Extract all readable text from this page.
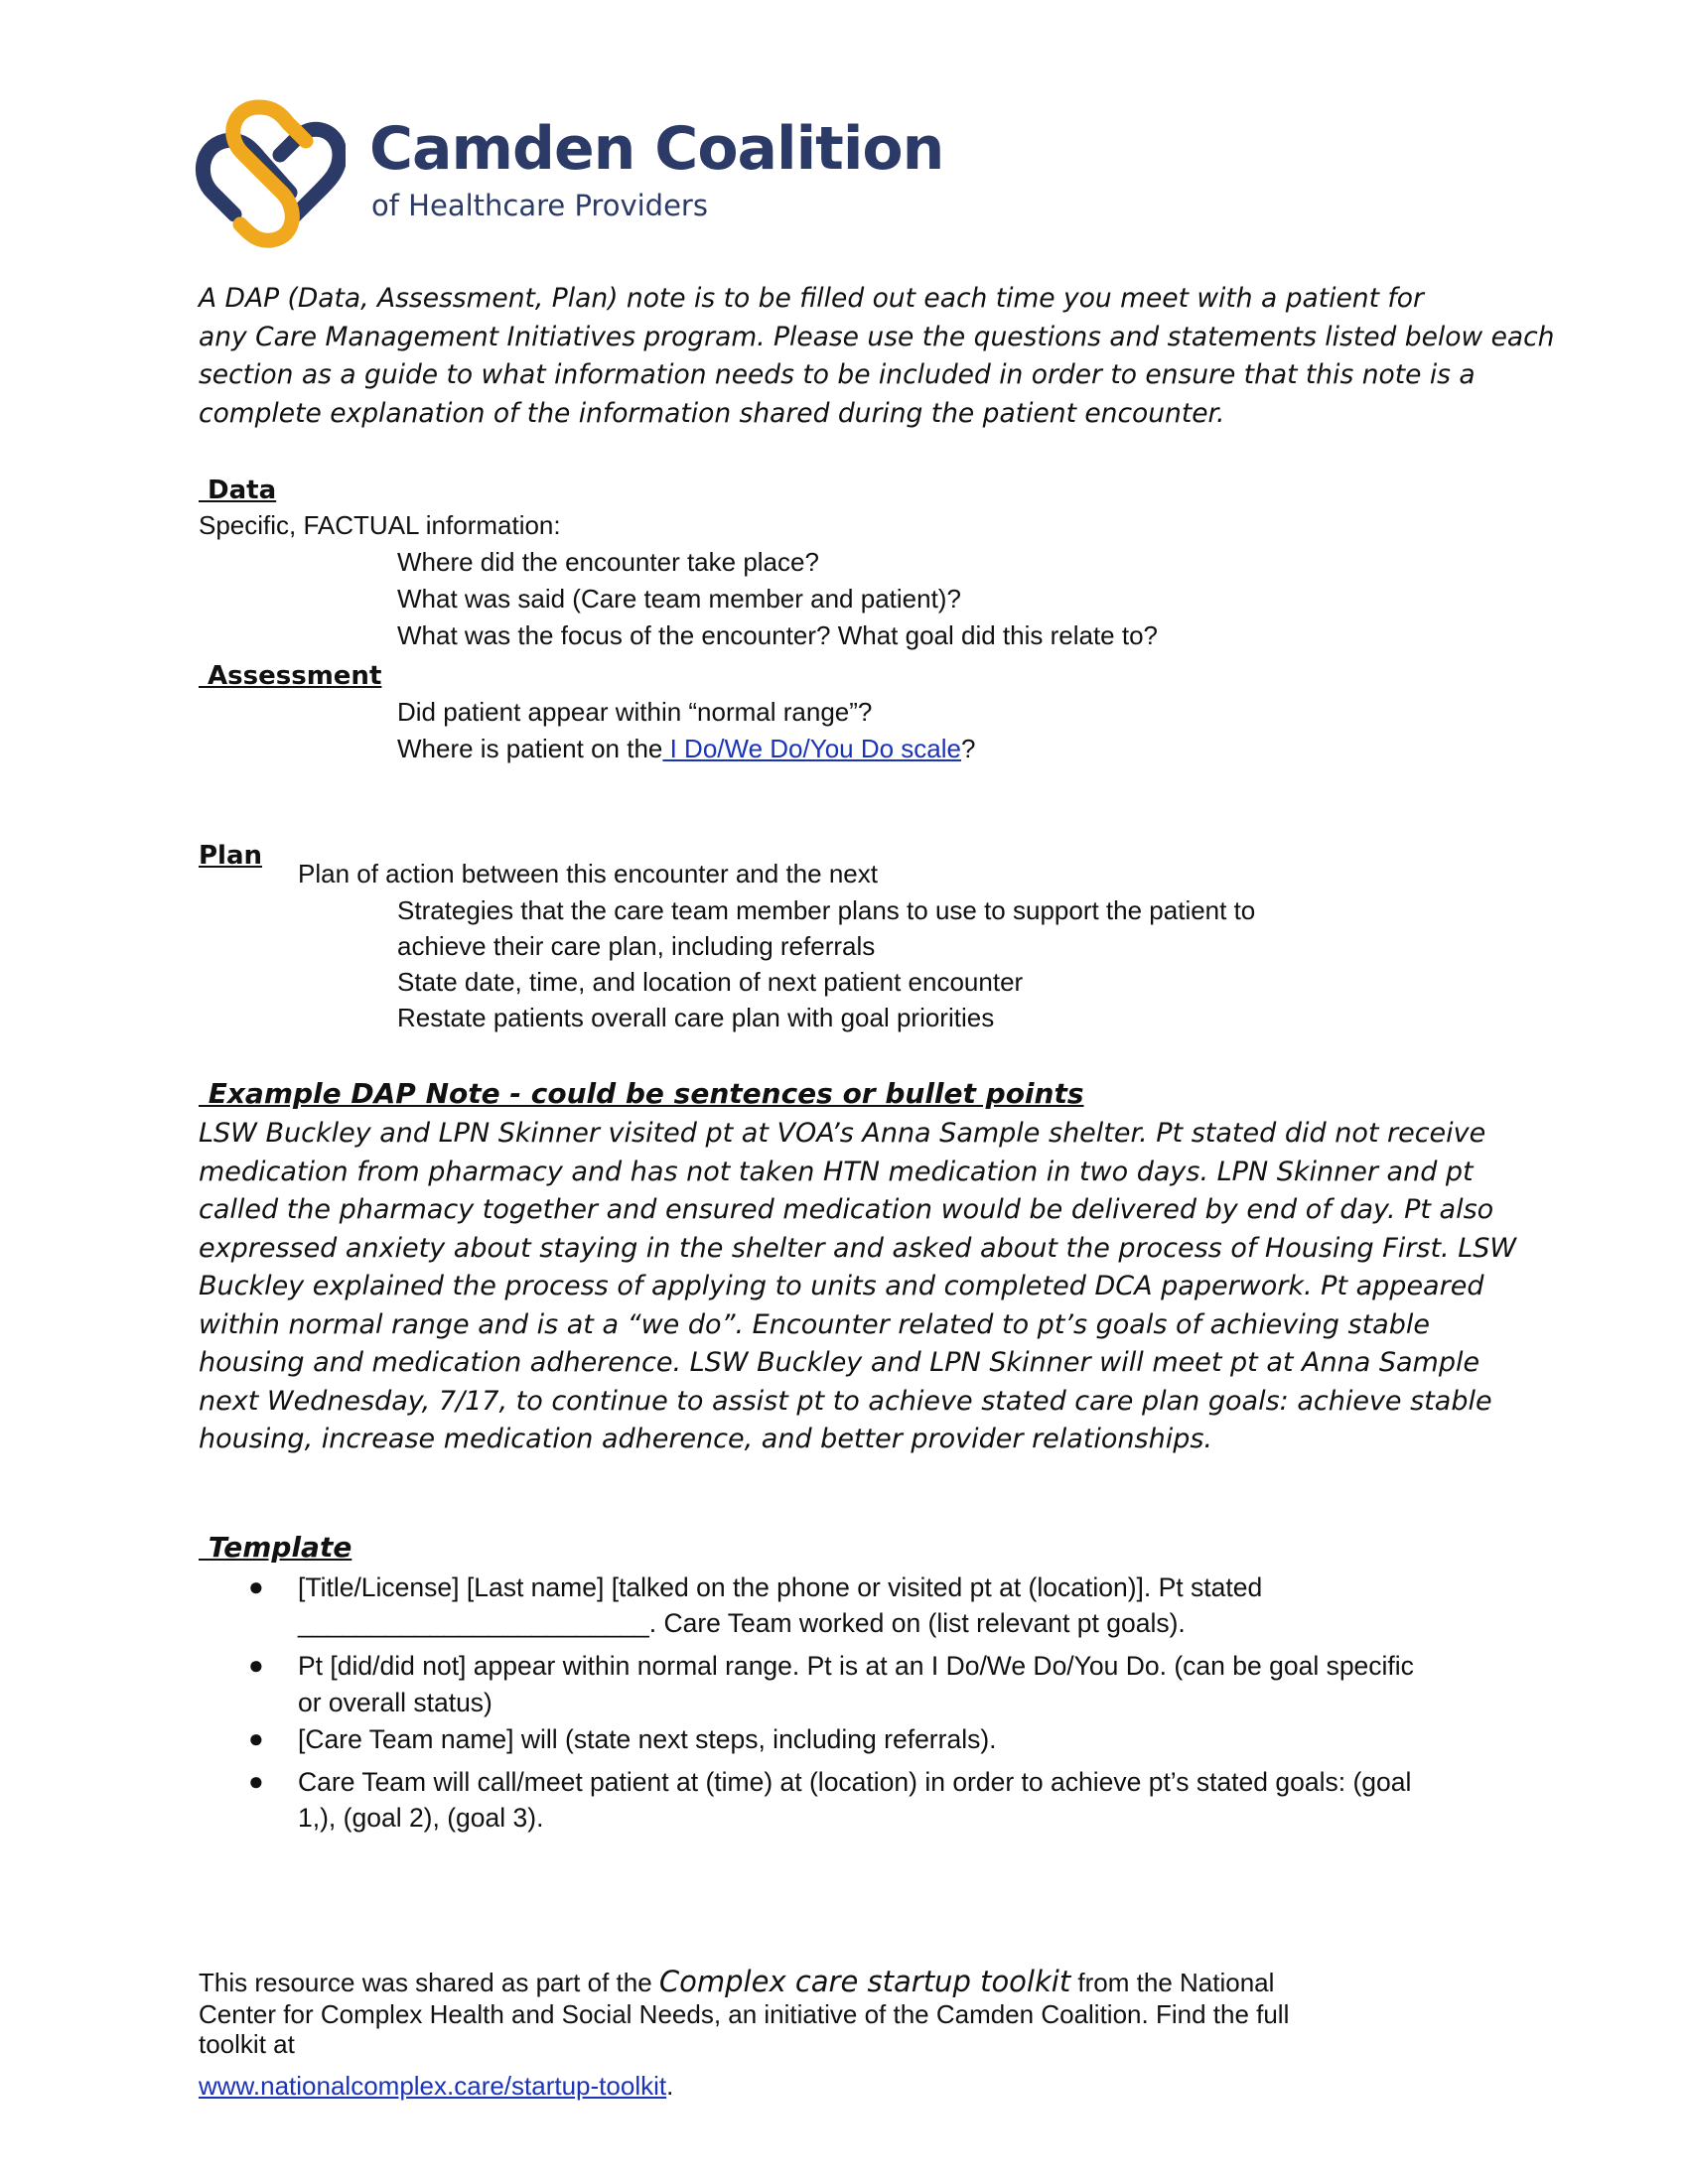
Camden Coalition
of Healthcare Providers
A DAP (Data, Assessment, Plan) note is to be filled out each time you meet with a patient for
any Care Management Initiatives program. Please use the questions and statements listed below each
section as a guide to what information needs to be included in order to ensure that this note is a
complete explanation of the information shared during the patient encounter.
Data
Specific, FACTUAL information:
Where did the encounter take place?
What was said (Care team member and patient)?
What was the focus of the encounter? What goal did this relate to?
Assessment
Did patient appear within “normal range”?
Where is patient on the I Do/We Do/You Do scale?
Plan
Plan of action between this encounter and the next
Strategies that the care team member plans to use to support the patient to
achieve their care plan, including referrals
State date, time, and location of next patient encounter
Restate patients overall care plan with goal priorities
Example DAP Note - could be sentences or bullet points
LSW Buckley and LPN Skinner visited pt at VOA’s Anna Sample shelter. Pt stated did not receive
medication from pharmacy and has not taken HTN medication in two days. LPN Skinner and pt
called the pharmacy together and ensured medication would be delivered by end of day. Pt also
expressed anxiety about staying in the shelter and asked about the process of Housing First. LSW
Buckley explained the process of applying to units and completed DCA paperwork. Pt appeared
within normal range and is at a “we do”. Encounter related to pt’s goals of achieving stable
housing and medication adherence. LSW Buckley and LPN Skinner will meet pt at Anna Sample
next Wednesday, 7/17, to continue to assist pt to achieve stated care plan goals: achieve stable
housing, increase medication adherence, and better provider relationships.
Template
● [Title/License] [Last name] [talked on the phone or visited pt at (location)]. Pt stated
________________________. Care Team worked on (list relevant pt goals).
● Pt [did/did not] appear within normal range. Pt is at an I Do/We Do/You Do. (can be goal specific
or overall status)
● [Care Team name] will (state next steps, including referrals).
● Care Team will call/meet patient at (time) at (location) in order to achieve pt’s stated goals: (goal
1,), (goal 2), (goal 3).
This resource was shared as part of the Complex care startup toolkit from the National
Center for Complex Health and Social Needs, an initiative of the Camden Coalition. Find the full
toolkit at
www.nationalcomplex.care/startup-toolkit.
